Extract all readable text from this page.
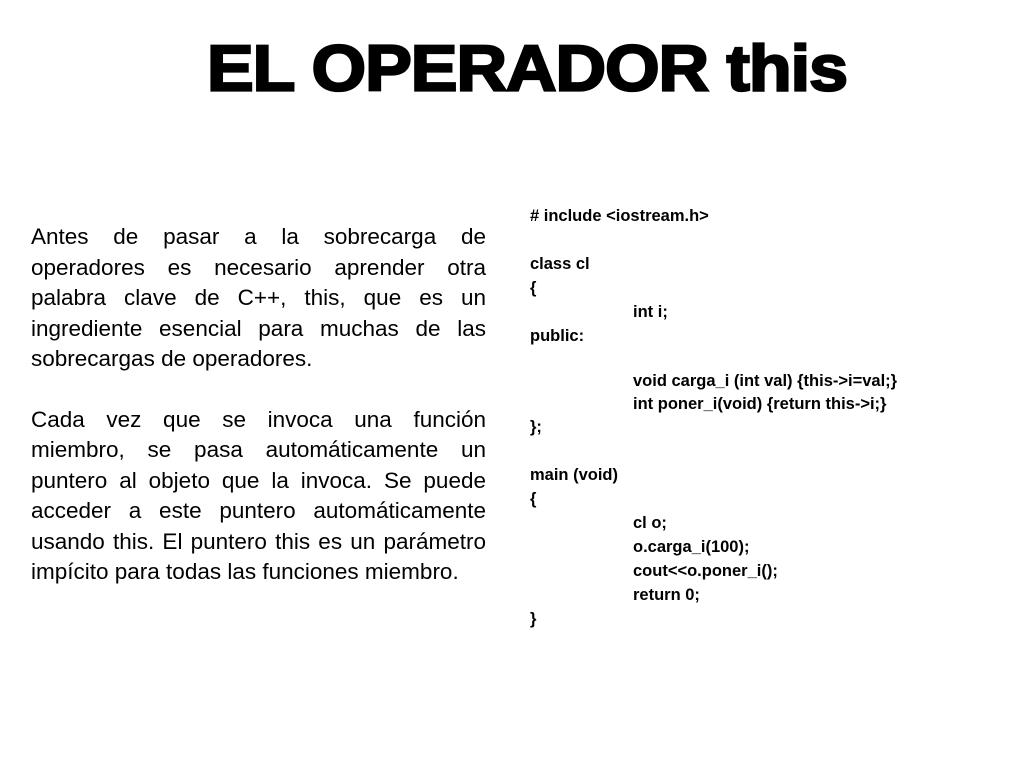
EL OPERADOR this

Antes de pasar a la sobrecarga de operadores es necesario aprender otra palabra clave de C++, this, que es un ingrediente esencial para muchas de las sobrecargas de operadores.

Cada vez que se invoca una función miembro, se pasa automáticamente un puntero al objeto que la invoca. Se puede acceder a este puntero automáticamente usando this. El puntero this es un parámetro impícito para todas las funciones miembro.

# include <iostream.h>
class cl
{
int i;
public:
void carga_i (int val) {this->i=val;}
int poner_i(void) {return this->i;}
};
main (void)
{
cl o;
o.carga_i(100);
cout<<o.poner_i();
return 0;
}
